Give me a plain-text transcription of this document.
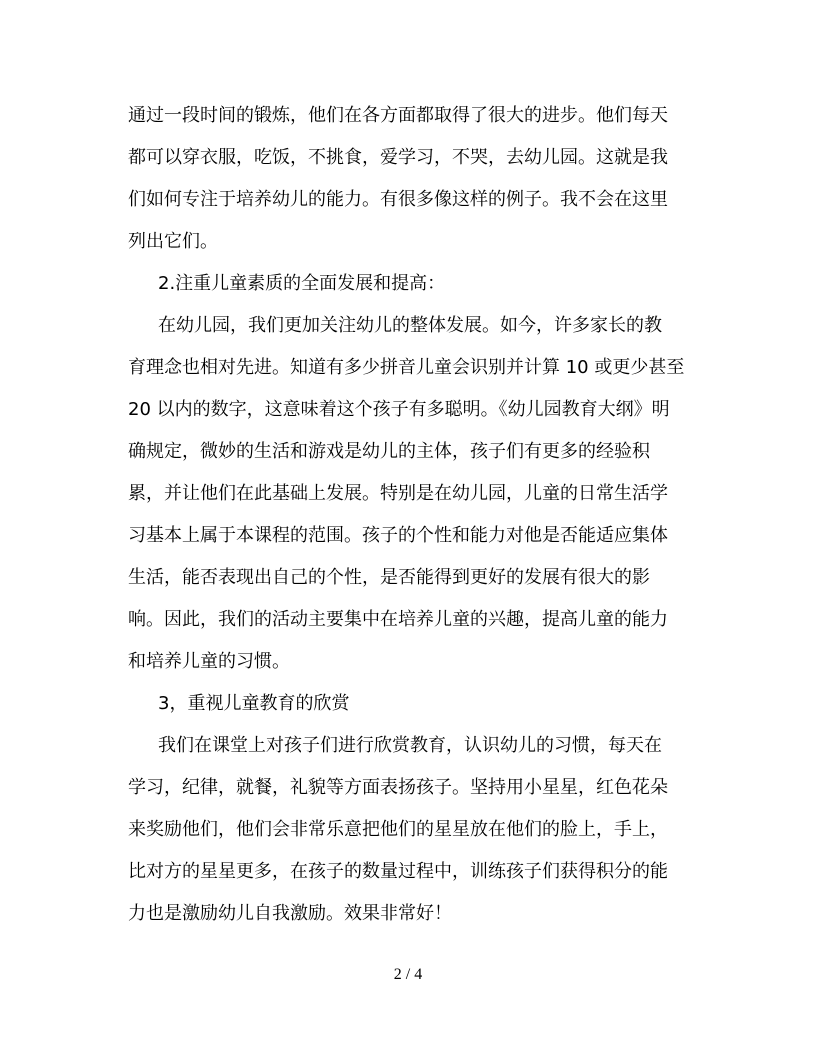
通过一段时间的锻炼，他们在各方面都取得了很大的进步。他们每天
都可以穿衣服，吃饭，不挑食，爱学习，不哭，去幼儿园。这就是我
们如何专注于培养幼儿的能力。有很多像这样的例子。我不会在这里
列出它们。
2.注重儿童素质的全面发展和提高：
在幼儿园，我们更加关注幼儿的整体发展。如今，许多家长的教
育理念也相对先进。知道有多少拼音儿童会识别并计算 10 或更少甚至
20 以内的数字，这意味着这个孩子有多聪明。《幼儿园教育大纲》明
确规定，微妙的生活和游戏是幼儿的主体，孩子们有更多的经验积
累，并让他们在此基础上发展。特别是在幼儿园，儿童的日常生活学
习基本上属于本课程的范围。孩子的个性和能力对他是否能适应集体
生活，能否表现出自己的个性，是否能得到更好的发展有很大的影
响。因此，我们的活动主要集中在培养儿童的兴趣，提高儿童的能力
和培养儿童的习惯。
3，重视儿童教育的欣赏
我们在课堂上对孩子们进行欣赏教育，认识幼儿的习惯，每天在
学习，纪律，就餐，礼貌等方面表扬孩子。坚持用小星星，红色花朵
来奖励他们，他们会非常乐意把他们的星星放在他们的脸上，手上，
比对方的星星更多，在孩子的数量过程中，训练孩子们获得积分的能
力也是激励幼儿自我激励。效果非常好！
2 / 4
